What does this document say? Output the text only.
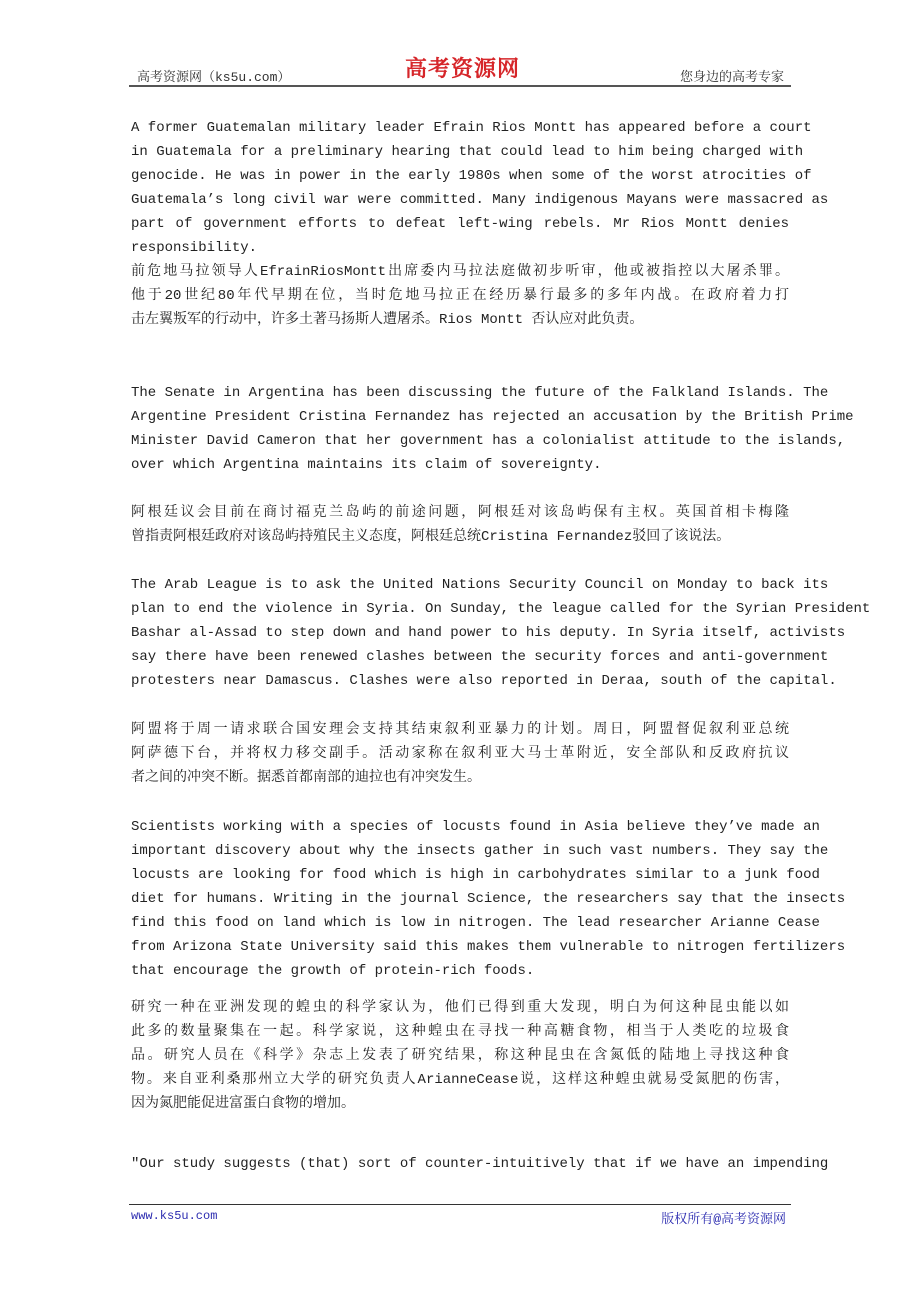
高考资源网（ks5u.com）	高考资源网	您身边的高考专家
A former Guatemalan military leader Efrain Rios Montt has appeared before a court
in Guatemala for a preliminary hearing that could lead to him being charged with
genocide. He was in power in the early 1980s when some of the worst atrocities of
Guatemala’s long civil war were committed. Many indigenous Mayans were massacred as
part of government efforts to defeat left-wing rebels. Mr Rios Montt denies
responsibility.
前危地马拉领导人EfrainRiosMontt出席委内马拉法庭做初步听审，他或被指控以大屠杀罪。
他于20世纪80年代早期在位，当时危地马拉正在经历暴行最多的多年内战。在政府着力打
击左翼叛军的行动中，许多土著马扬斯人遭屠杀。Rios Montt 否认应对此负责。
The Senate in Argentina has been discussing the future of the Falkland Islands. The
Argentine President Cristina Fernandez has rejected an accusation by the British Prime
Minister David Cameron that her government has a colonialist attitude to the islands,
over which Argentina maintains its claim of sovereignty.
阿根廷议会目前在商讨福克兰岛屿的前途问题，阿根廷对该岛屿保有主权。英国首相卡梅隆
曾指责阿根廷政府对该岛屿持殖民主义态度，阿根廷总统Cristina Fernandez驳回了该说法。
The Arab League is to ask the United Nations Security Council on Monday to back its
plan to end the violence in Syria. On Sunday, the league called for the Syrian President
Bashar al-Assad to step down and hand power to his deputy. In Syria itself, activists
say there have been renewed clashes between the security forces and anti-government
protesters near Damascus. Clashes were also reported in Deraa, south of the capital.
阿盟将于周一请求联合国安理会支持其结束叙利亚暴力的计划。周日，阿盟督促叙利亚总统
阿萨德下台，并将权力移交副手。活动家称在叙利亚大马士革附近，安全部队和反政府抗议
者之间的冲突不断。据悉首都南部的迪拉也有冲突发生。
Scientists working with a species of locusts found in Asia believe they’ve made an
important discovery about why the insects gather in such vast numbers. They say the
locusts are looking for food which is high in carbohydrates similar to a junk food
diet for humans. Writing in the journal Science, the researchers say that the insects
find this food on land which is low in nitrogen. The lead researcher Arianne Cease
from Arizona State University said this makes them vulnerable to nitrogen fertilizers
that encourage the growth of protein-rich foods.
研究一种在亚洲发现的蝗虫的科学家认为，他们已得到重大发现，明白为何这种昆虫能以如
此多的数量聚集在一起。科学家说，这种蝗虫在寻找一种高糖食物，相当于人类吃的垃圾食
品。研究人员在《科学》杂志上发表了研究结果，称这种昆虫在含氮低的陆地上寻找这种食
物。来自亚利桑那州立大学的研究负责人ArianneCease说，这样这种蝗虫就易受氮肥的伤害，
因为氮肥能促进富蛋白食物的增加。
"Our study suggests (that) sort of counter-intuitively that if we have an impending
www.ks5u.com	版权所有@高考资源网
